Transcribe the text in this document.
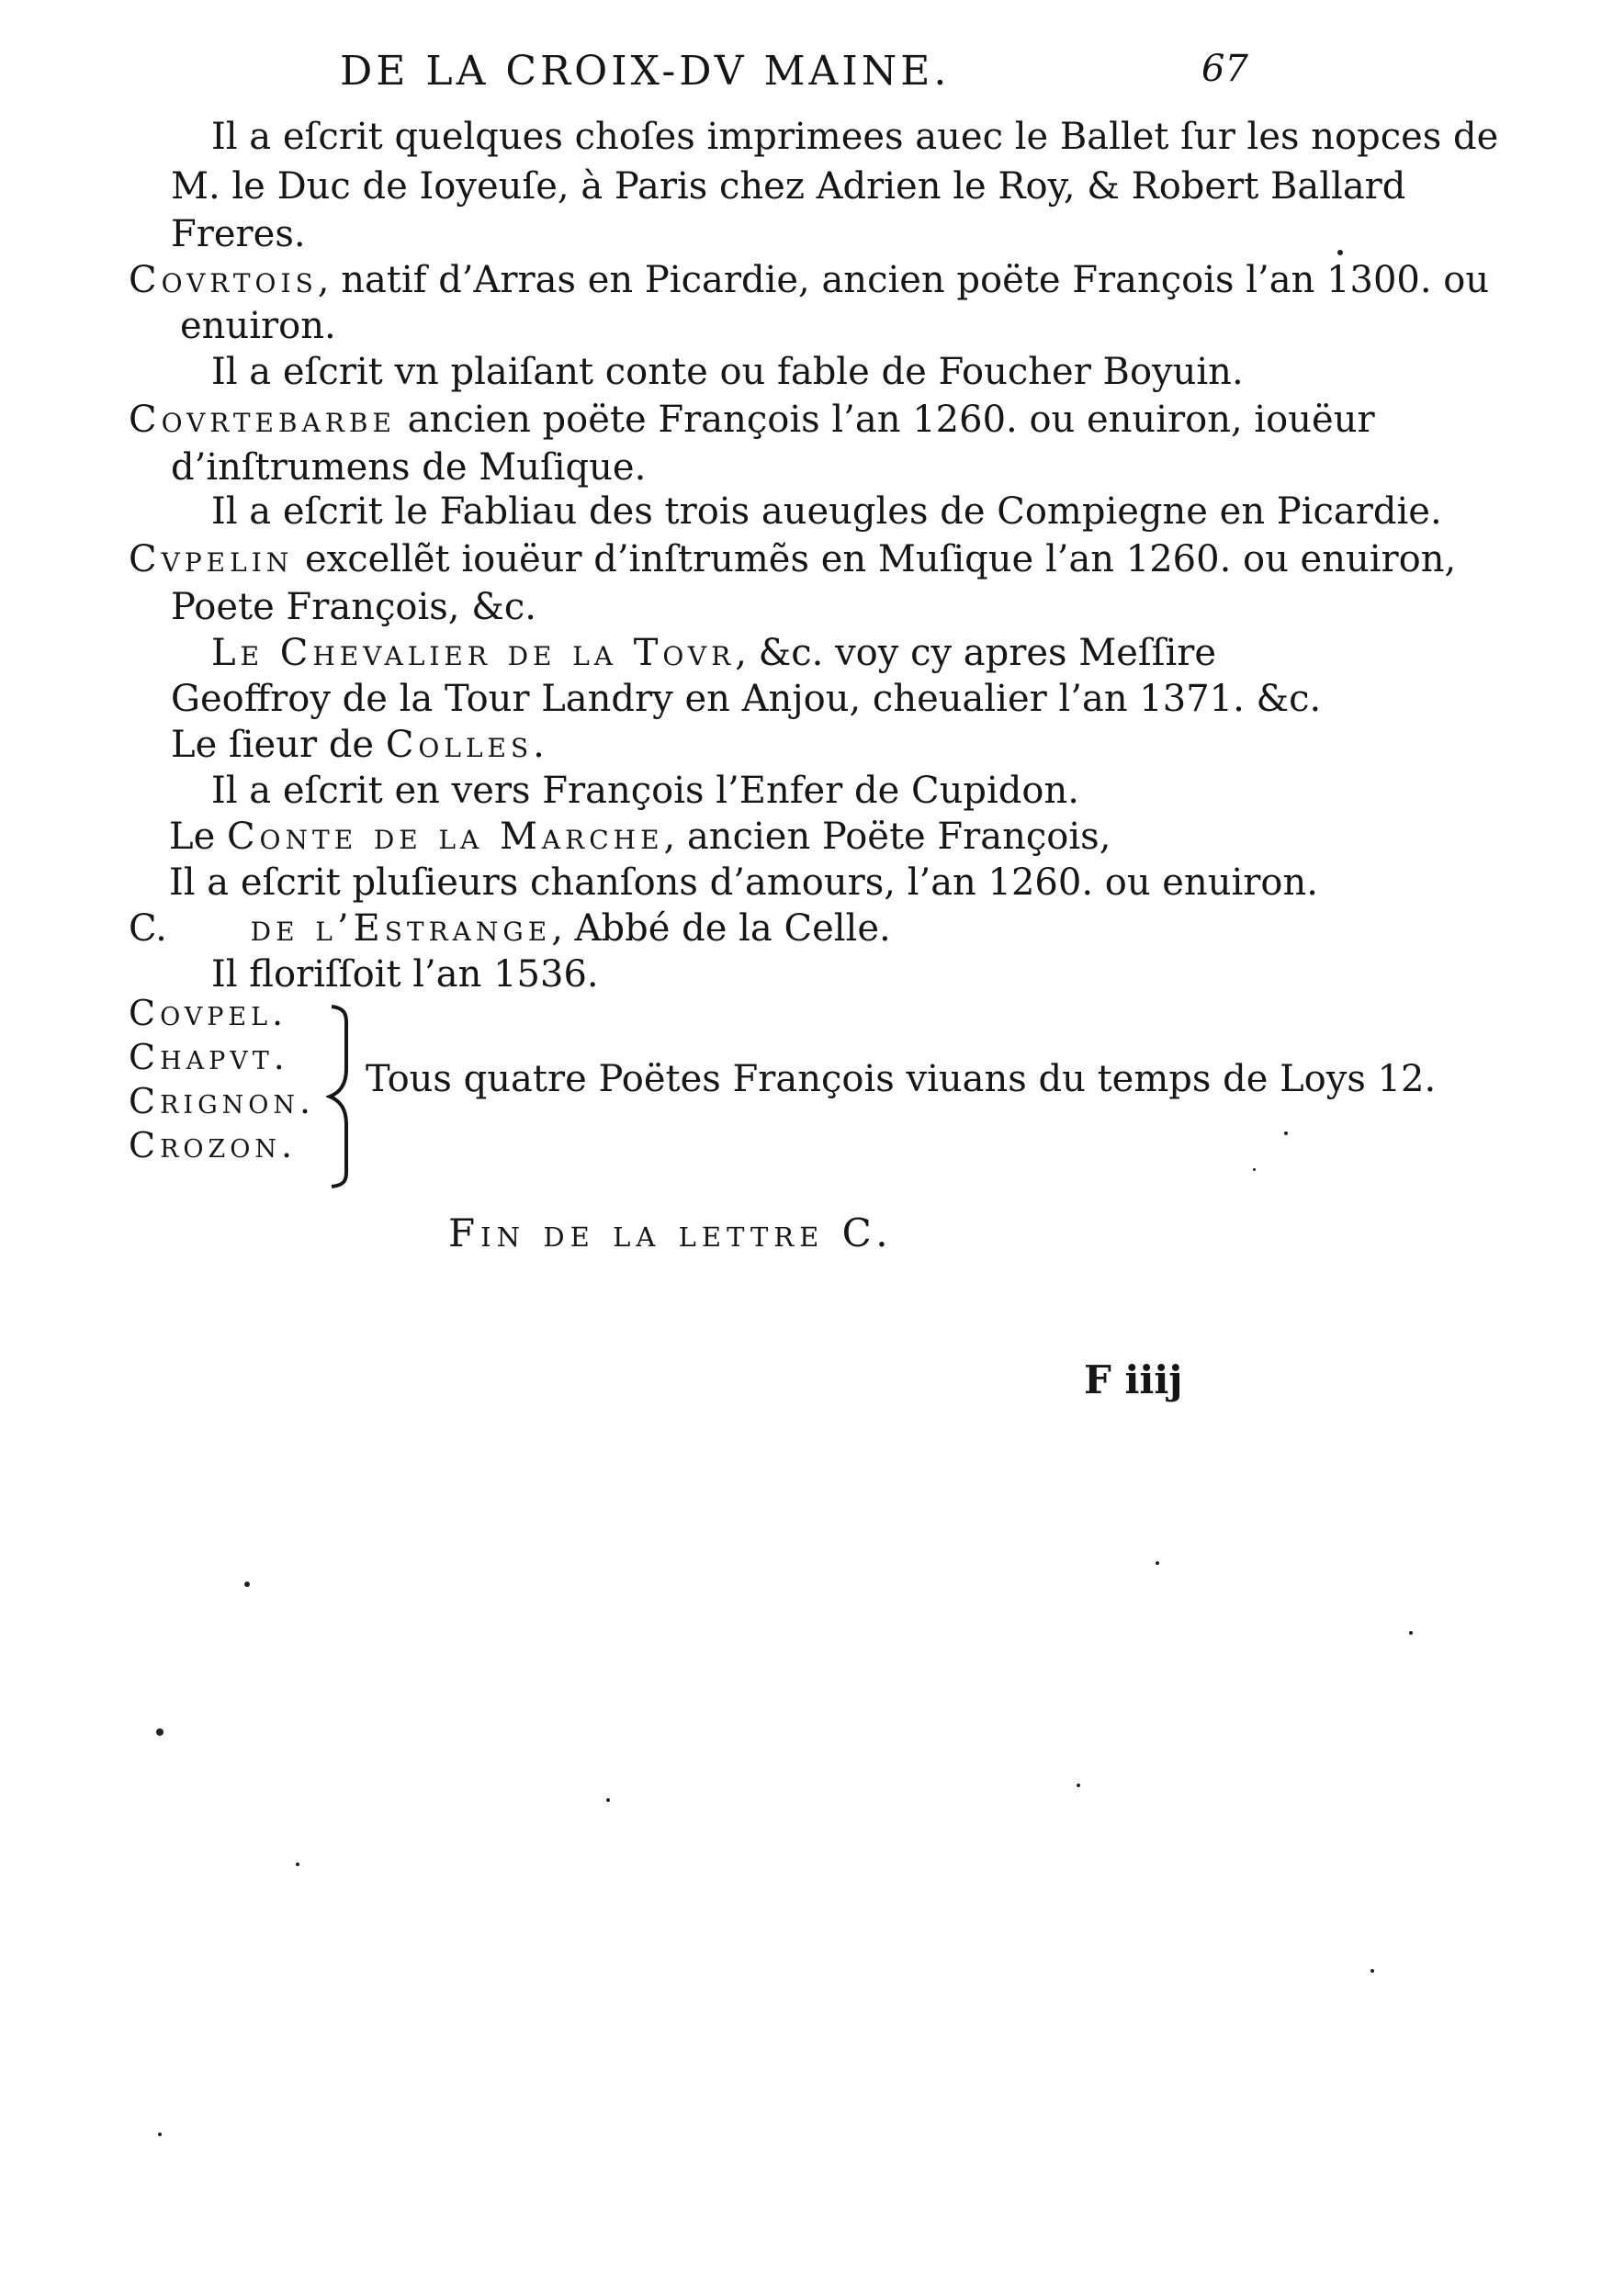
DE LA CROIX-DV MAINE.	67
Il a eſcrit quelques choſes imprimees auec le Ballet ſur les nopces de
M. le Duc de Ioyeuſe, à Paris chez Adrien le Roy, & Robert Ballard
Freres.
Covrtois, natif d’Arras en Picardie, ancien poëte François l’an 1300. ou
enuiron.
Il a eſcrit vn plaiſant conte ou fable de Foucher Boyuin.
Covrtebarbe ancien poëte François l’an 1260. ou enuiron, iouëur
d’inſtrumens de Muſique.
Il a eſcrit le Fabliau des trois aueugles de Compiegne en Picardie.
Cvpelin excellẽt iouëur d’inſtrumẽs en Muſique l’an 1260. ou enuiron,
Poete François, &c.
Le Chevalier de la Tovr, &c. voy cy apres Meſſire
Geoffroy de la Tour Landry en Anjou, cheualier l’an 1371. &c.
Le ſieur de Colles.
Il a eſcrit en vers François l’Enfer de Cupidon.
Le Conte de la Marche, ancien Poëte François,
Il a eſcrit pluſieurs chanſons d’amours, l’an 1260. ou enuiron.
C. de l’Estrange, Abbé de la Celle.
Il floriſſoit l’an 1536.
Covpel.
Chapvt.
Crignon.
Crozon.
Tous quatre Poëtes François viuans du temps de Loys 12.
Fin de la lettre C.
F iiij
